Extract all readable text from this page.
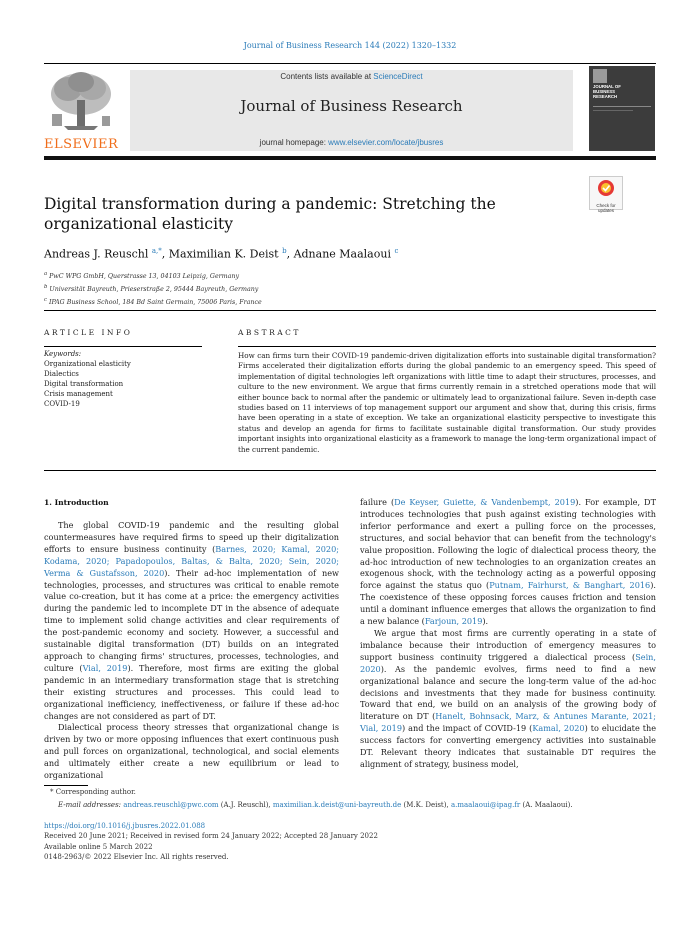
Journal of Business Research 144 (2022) 1320–1332
ELSEVIER
Contents lists available at ScienceDirect
Journal of Business Research
journal homepage: www.elsevier.com/locate/jbusres
JOURNAL OF
BUSINESS
RESEARCH
Digital transformation during a pandemic: Stretching the organizational elasticity
Check for updates
Andreas J. Reuschl $^{a,*}$, Maximilian K. Deist $^b$, Adnane Maalaoui $^c$
$^a$ PwC WPG GmbH, Querstrasse 13, 04103 Leipzig, Germany
$^b$ Universität Bayreuth, Prieserstraße 2, 95444 Bayreuth, Germany
$^c$ IPAG Business School, 184 Bd Saint Germain, 75006 Paris, France
ARTICLE INFO	ABSTRACT
Keywords:
Organizational elasticity
Dialectics
Digital transformation
Crisis management
COVID-19
How can firms turn their COVID-19 pandemic-driven digitalization efforts into sustainable digital transformation? Firms accelerated their digitalization efforts during the global pandemic to an emergency speed. This speed of implementation of digital technologies left organizations with little time to adapt their structures, processes, and culture to the new environment. We argue that firms currently remain in a stretched operations mode that will either bounce back to normal after the pandemic or ultimately lead to organizational failure. Seven in-depth case studies based on 11 interviews of top management support our argument and show that, during this crisis, firms have been operating in a state of exception. We take an organizational elasticity perspective to investigate this status and develop an agenda for firms to facilitate sustainable digital transformation. Our study provides important insights into organizational elasticity as a framework to manage the long-term organizational impact of the current pandemic.
1. Introduction

The global COVID-19 pandemic and the resulting global countermeasures have required firms to speed up their digitalization efforts to ensure business continuity (Barnes, 2020; Kamal, 2020; Kodama, 2020; Papadopoulos, Baltas, & Balta, 2020; Sein, 2020; Verma & Gustafsson, 2020). Their ad-hoc implementation of new technologies, processes, and structures was critical to enable remote value co-creation, but it has come at a price: the emergency activities during the pandemic led to incomplete DT in the absence of adequate time to implement solid change activities and clear requirements of the post-pandemic economy and society. However, a successful and sustainable digital transformation (DT) builds on an integrated approach to changing firms' structures, processes, technologies, and culture (Vial, 2019). Therefore, most firms are exiting the global pandemic in an intermediary transformation stage that is stretching their existing structures and processes. This could lead to organizational inefficiency, ineffectiveness, or failure if these ad-hoc changes are not considered as part of DT.

Dialectical process theory stresses that organizational change is driven by two or more opposing influences that exert continuous push and pull forces on organizational, technological, and social elements and ultimately either create a new equilibrium or lead to organizational

failure (De Keyser, Guiette, & Vandenbempt, 2019). For example, DT introduces technologies that push against existing technologies with inferior performance and exert a pulling force on the processes, structures, and social behavior that can benefit from the technology's value proposition. Following the logic of dialectical process theory, the ad-hoc introduction of new technologies to an organization creates an exogenous shock, with the technology acting as a powerful opposing force against the status quo (Putnam, Fairhurst, & Banghart, 2016). The coexistence of these opposing forces causes friction and tension until a dominant influence emerges that allows the organization to find a new balance (Farjoun, 2019).

We argue that most firms are currently operating in a state of imbalance because their introduction of emergency measures to support business continuity triggered a dialectical process (Sein, 2020). As the pandemic evolves, firms need to find a new organizational balance and secure the long-term value of the ad-hoc decisions and investments that they made for business continuity. Toward that end, we build on an analysis of the growing body of literature on DT (Hanelt, Bohnsack, Marz, & Antunes Marante, 2021; Vial, 2019) and the impact of COVID-19 (Kamal, 2020) to elucidate the success factors for converting emergency activities into sustainable DT. Relevant theory indicates that sustainable DT requires the alignment of strategy, business model,

* Corresponding author.
E-mail addresses: andreas.reuschl@pwc.com (A.J. Reuschl), maximilian.k.deist@uni-bayreuth.de (M.K. Deist), a.maalaoui@ipag.fr (A. Maalaoui).
https://doi.org/10.1016/j.jbusres.2022.01.088
Received 20 June 2021; Received in revised form 24 January 2022; Accepted 28 January 2022
Available online 5 March 2022
0148-2963/© 2022 Elsevier Inc. All rights reserved.
